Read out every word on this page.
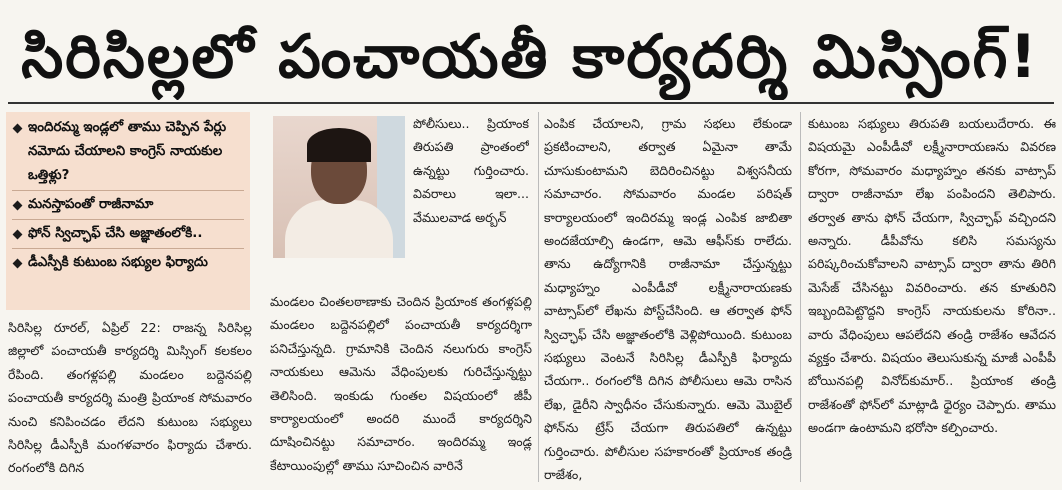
సిరిసిల్లలో పంచాయతీ కార్యదర్శి మిస్సింగ్!
ఇందిరమ్మ ఇండ్లలో తాము చెప్పిన పేర్లు నమోదు చేయాలని కాంగ్రెస్ నాయకుల ఒత్తిళ్లు?
మనస్తాపంతో రాజీనామా
ఫోన్ స్విచ్ఛాఫ్ చేసి అజ్ఞాతంలోకి..
డీఎస్పీకి కుటుంబ సభ్యుల ఫిర్యాదు

సిరిసిల్ల రూరల్, ఏప్రిల్ 22: రాజన్న సిరిసిల్ల జిల్లాలో పంచాయతీ కార్యదర్శి మిస్సింగ్ కలకలం రేపింది. తంగళ్లపల్లి మండలం బద్దెనపల్లి పంచాయతీ కార్యదర్శి మంత్రి ప్రియాంక సోమవారం నుంచి కనిపించడం లేదని కుటుంబ సభ్యులు సిరిసిల్ల డీఎస్పీకి మంగళవారం ఫిర్యాదు చేశారు. రంగంలోకి దిగిన

పోలీసులు.. ప్రియాంక తిరుపతి ప్రాంతంలో ఉన్నట్టు గుర్తించారు. వివరాలు ఇలా... వేములవాడ అర్బన్

మండలం చింతలఠాణాకు చెందిన ప్రియాంక తంగళ్లపల్లి మండలం బద్దెనపల్లిలో పంచాయతీ కార్యదర్శిగా పనిచేస్తున్నది. గ్రామానికి చెందిన నలుగురు కాంగ్రెస్ నాయకులు ఆమెను వేధింపులకు గురిచేస్తున్నట్టు తెలిసింది. ఇంకుడు గుంతల విషయంలో జీపీ కార్యాలయంలో అందరి ముందే కార్యదర్శిని దూషించినట్టు సమాచారం. ఇందిరమ్మ ఇండ్ల కేటాయింపుల్లో తాము సూచించిన వారినే

ఎంపిక చేయాలని, గ్రామ సభలు లేకుండా ప్రకటించాలని, తర్వాత ఏమైనా తామే చూసుకుంటామని బెదిరించినట్టు విశ్వసనీయ సమాచారం. సోమవారం మండల పరిషత్ కార్యాలయంలో ఇందిరమ్మ ఇండ్ల ఎంపిక జాబితా అందజేయాల్సి ఉండగా, ఆమె ఆఫీస్‌కు రాలేదు. తాను ఉద్యోగానికి రాజీనామా చేస్తున్నట్టు మధ్యాహ్నం ఎంపీడీవో లక్ష్మీనారాయణకు వాట్సాప్‌లో లేఖను పోస్ట్‌చేసింది. ఆ తర్వాత ఫోన్ స్విచ్ఛాఫ్ చేసి అజ్ఞాతంలోకి వెళ్లిపోయింది. కుటుంబ సభ్యులు వెంటనే సిరిసిల్ల డీఎస్పీకి ఫిర్యాదు చేయగా.. రంగంలోకి దిగిన పోలీసులు ఆమె రాసిన లేఖ, డైరీని స్వాధీనం చేసుకున్నారు. ఆమె మొబైల్ ఫోన్‌ను ట్రేస్ చేయగా తిరుపతిలో ఉన్నట్టు గుర్తించారు. పోలీసుల సహకారంతో ప్రియాంక తండ్రి రాజేశం,

కుటుంబ సభ్యులు తిరుపతి బయలుదేరారు. ఈ విషయమై ఎంపీడీవో లక్ష్మీనారాయణను వివరణ కోరగా, సోమవారం మధ్యాహ్నం తనకు వాట్సాప్ ద్వారా రాజీనామా లేఖ పంపిందని తెలిపారు. తర్వాత తాను ఫోన్ చేయగా, స్విచ్ఛాఫ్ వచ్చిందని అన్నారు. డీపీవోను కలిసి సమస్యను పరిష్కరించుకోవాలని వాట్సాప్ ద్వారా తాను తిరిగి మెసేజ్ చేసినట్టు వివరించారు. తన కూతురిని ఇబ్బందిపెట్టొద్దని కాంగ్రెస్ నాయకులను కోరినా.. వారు వేధింపులు ఆపలేదని తండ్రి రాజేశం ఆవేదన వ్యక్తం చేశారు. విషయం తెలుసుకున్న మాజీ ఎంపీపీ బోయినపల్లి వినోద్‌కుమార్.. ప్రియాంక తండ్రి రాజేశంతో ఫోన్‌లో మాట్లాడి ధైర్యం చెప్పారు. తాము అండగా ఉంటామని భరోసా కల్పించారు.
